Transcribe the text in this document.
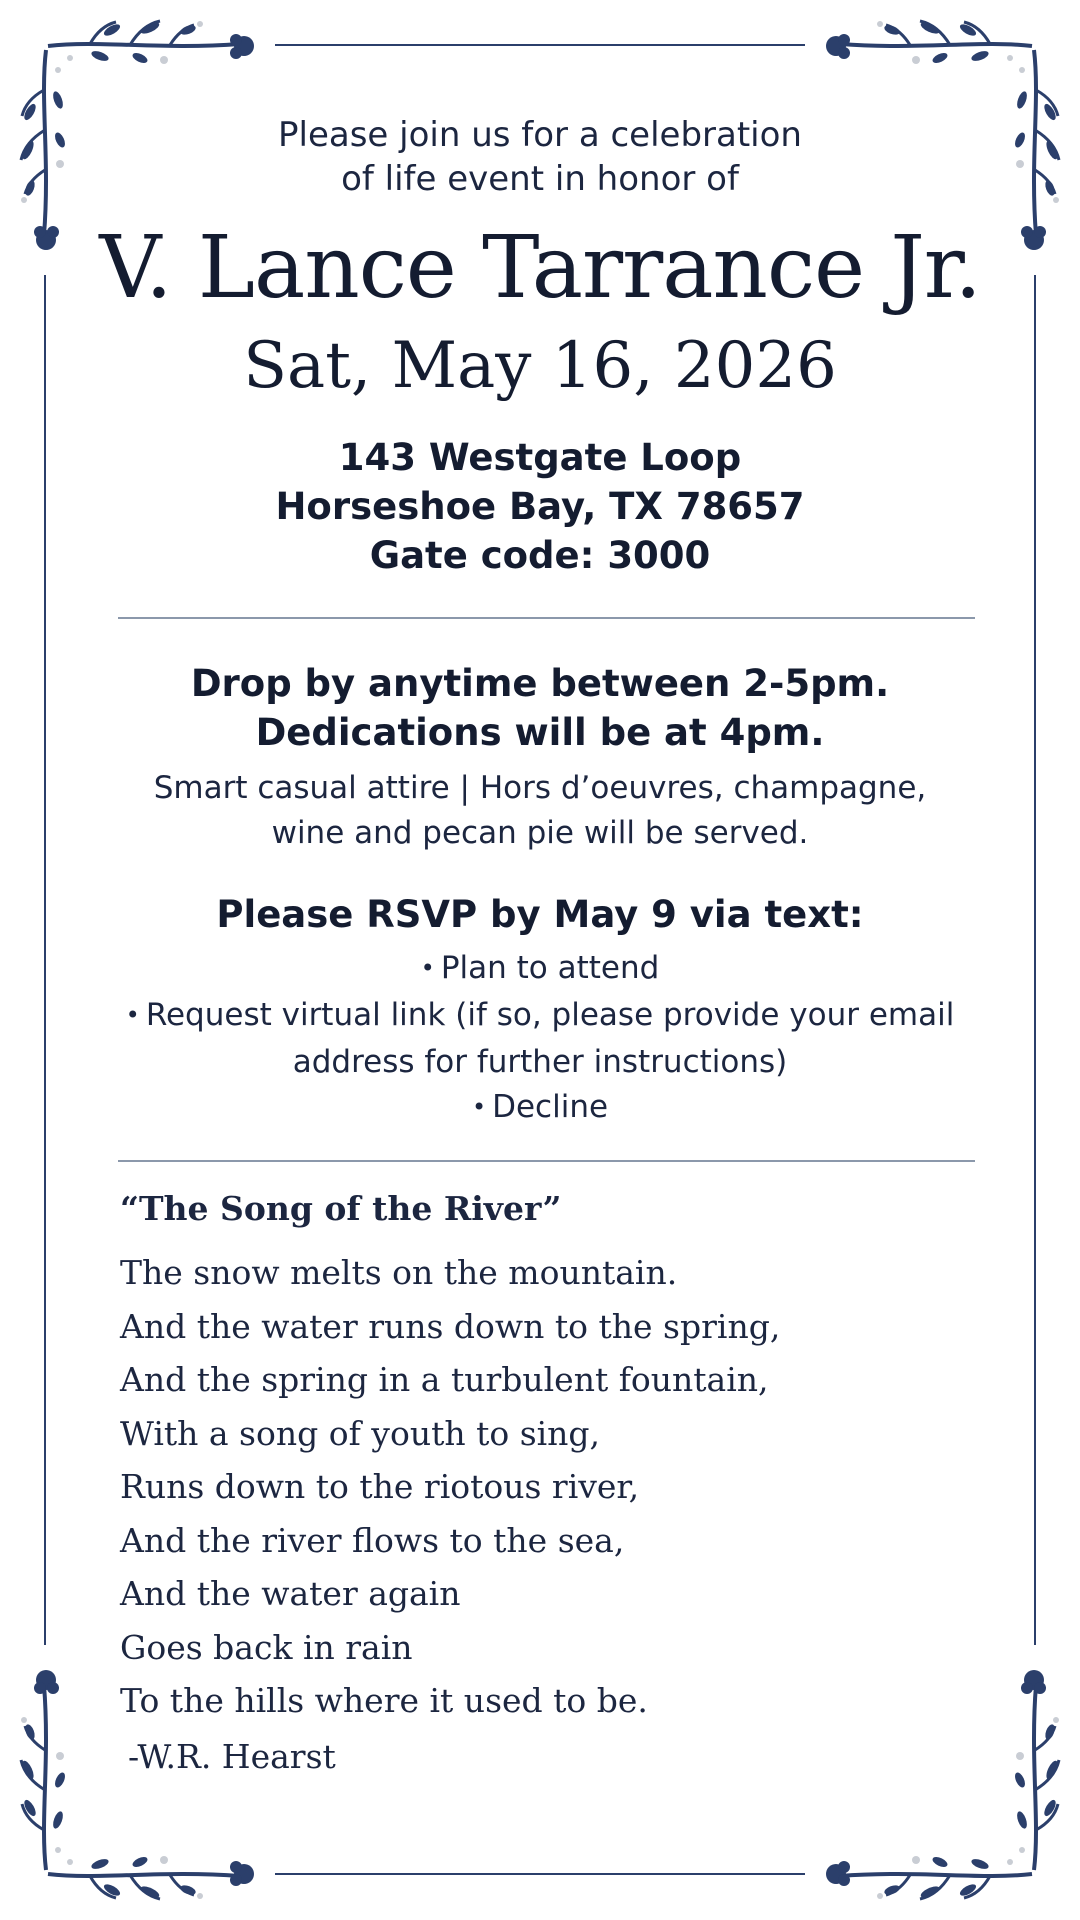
Please join us for a celebration
of life event in honor of
V. Lance Tarrance Jr.
Sat, May 16, 2026
143 Westgate Loop
Horseshoe Bay, TX 78657
Gate code: 3000
Drop by anytime between 2-5pm.
Dedications will be at 4pm.
Smart casual attire | Hors d’oeuvres, champagne,
wine and pecan pie will be served.
Please RSVP by May 9 via text:
• Plan to attend
• Request virtual link (if so, please provide your email address for further instructions)
• Decline
“The Song of the River”
The snow melts on the mountain.
And the water runs down to the spring,
And the spring in a turbulent fountain,
With a song of youth to sing,
Runs down to the riotous river,
And the river flows to the sea,
And the water again
Goes back in rain
To the hills where it used to be.
-W.R. Hearst
